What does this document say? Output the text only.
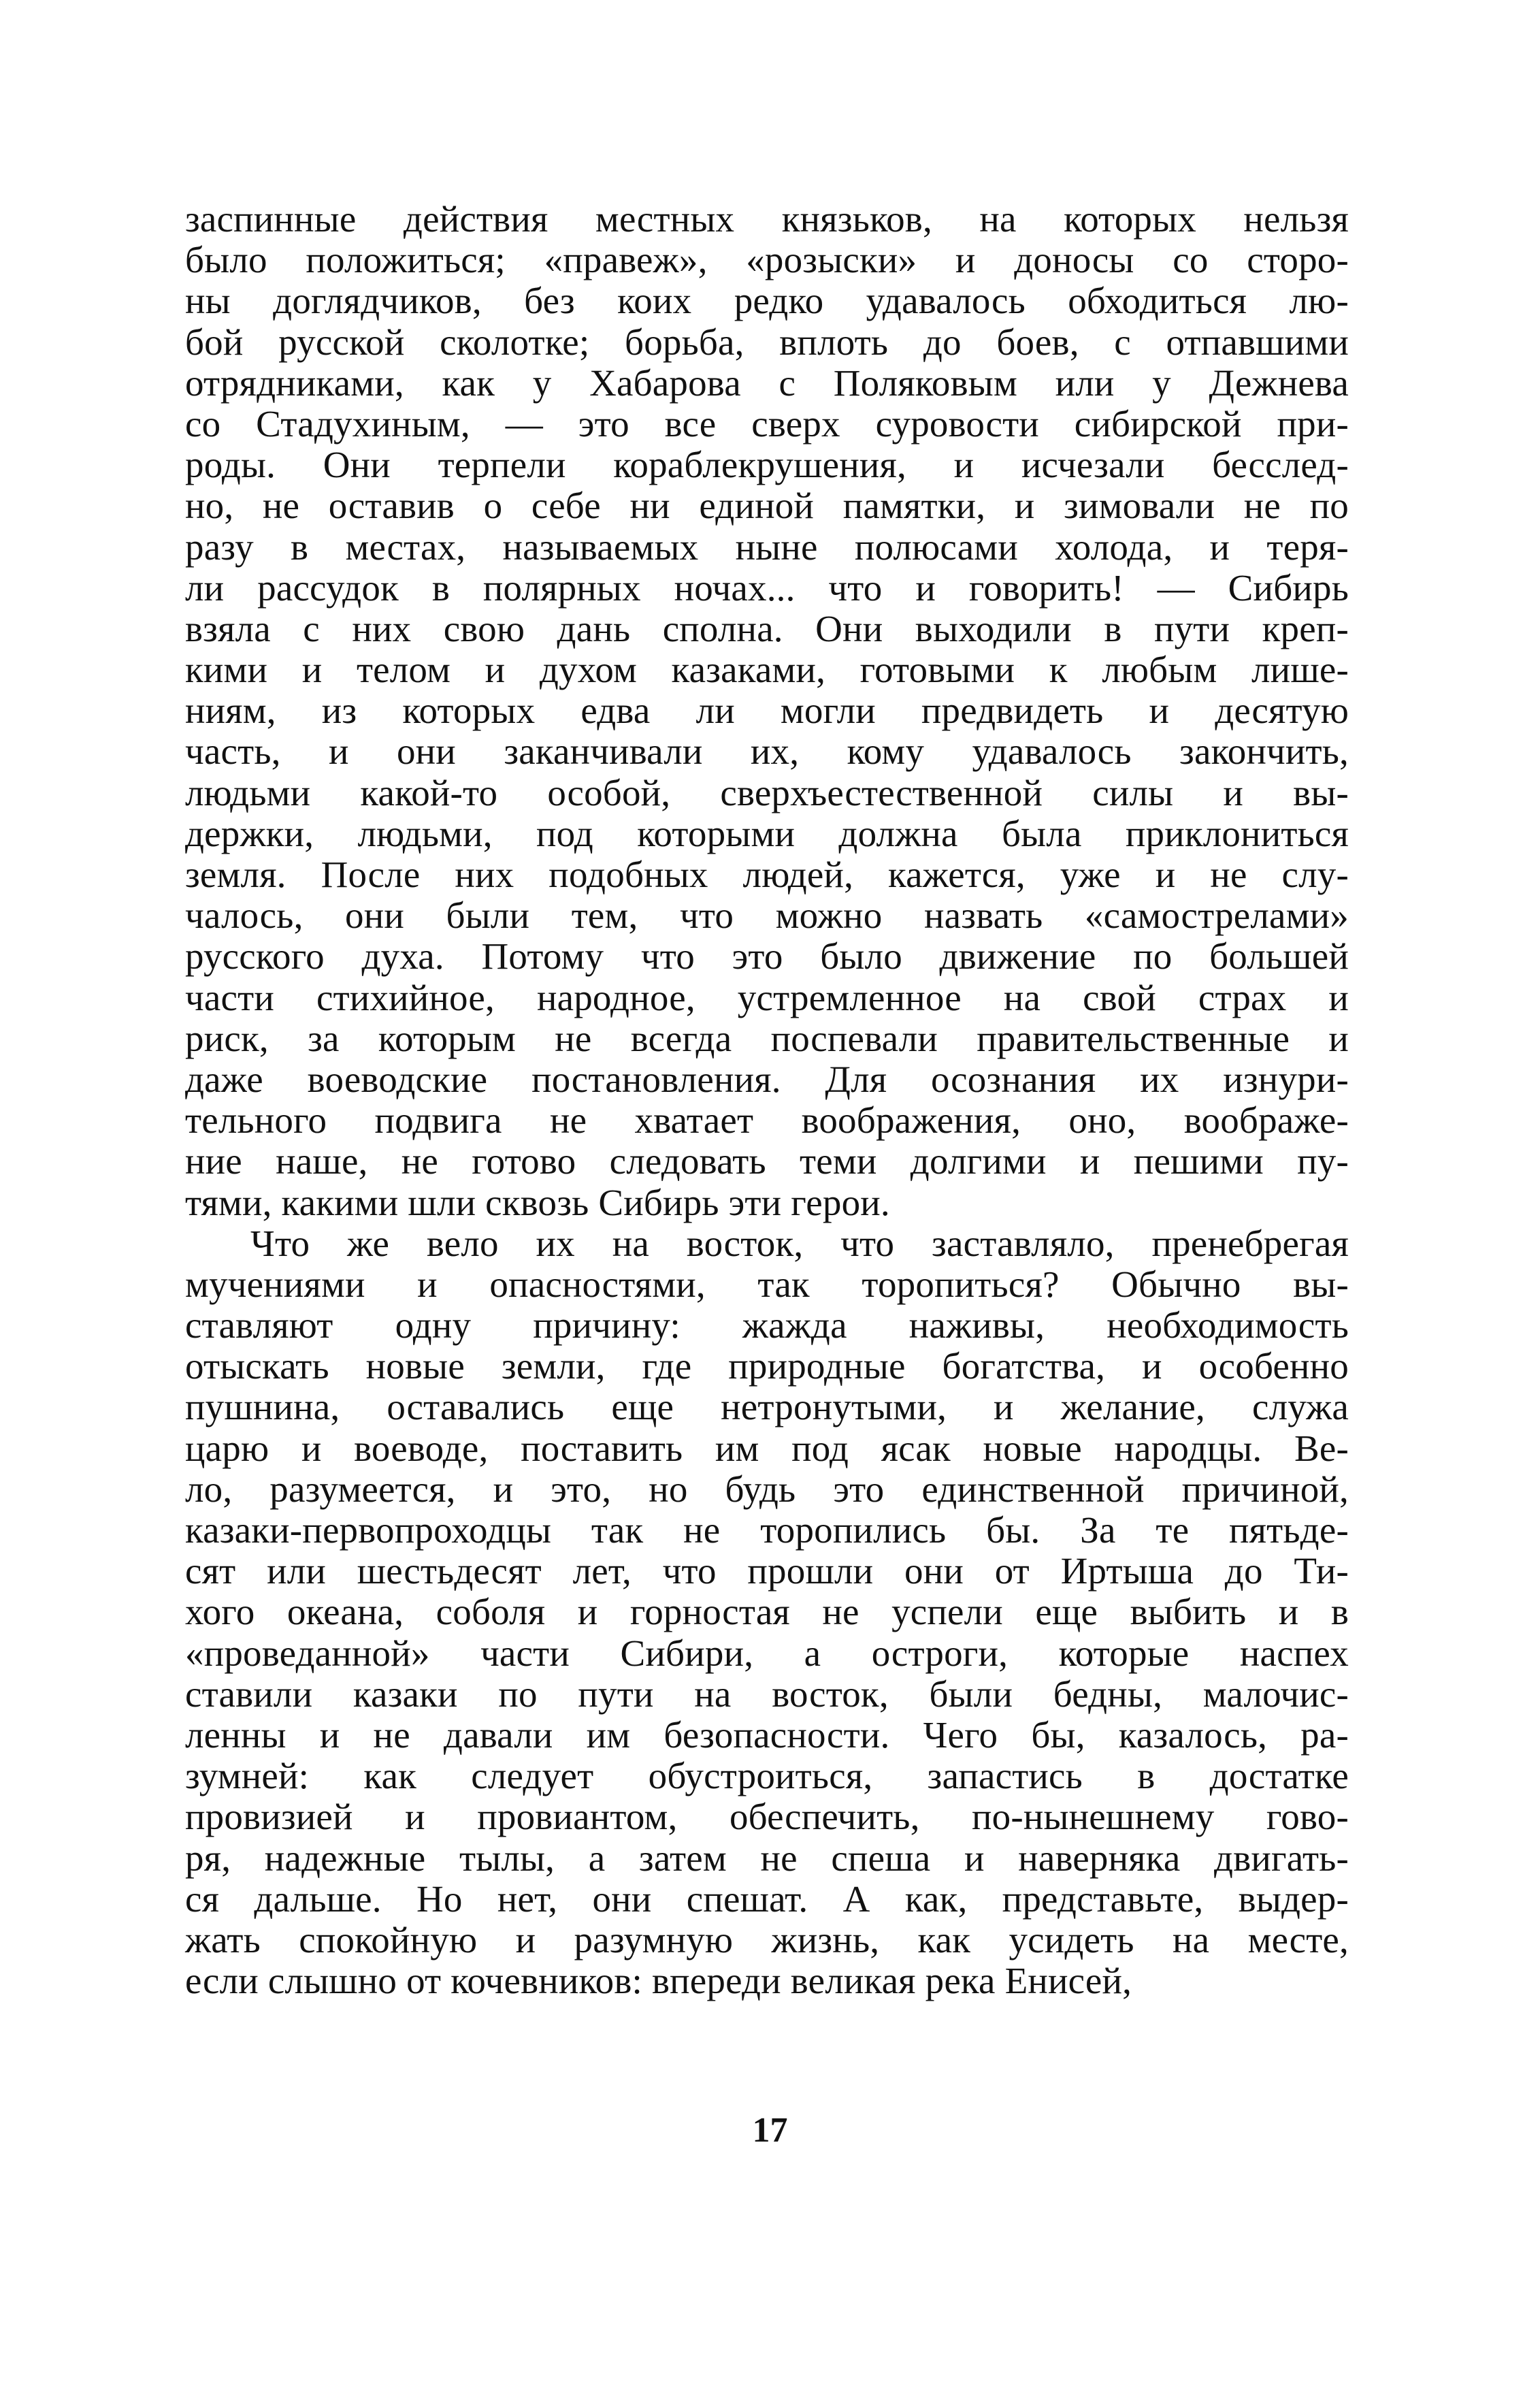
заспинные действия местных князьков, на которых нельзя
было положиться; «правеж», «розыски» и доносы со сторо-
ны доглядчиков, без коих редко удавалось обходиться лю-
бой русской сколотке; борьба, вплоть до боев, с отпавшими
отрядниками, как у Хабарова с Поляковым или у Дежнева
со Стадухиным, — это все сверх суровости сибирской при-
роды. Они терпели кораблекрушения, и исчезали бесслед-
но, не оставив о себе ни единой памятки, и зимовали не по
разу в местах, называемых ныне полюсами холода, и теря-
ли рассудок в полярных ночах... что и говорить! — Сибирь
взяла с них свою дань сполна. Они выходили в пути креп-
кими и телом и духом казаками, готовыми к любым лише-
ниям, из которых едва ли могли предвидеть и десятую
часть, и они заканчивали их, кому удавалось закончить,
людьми какой-то особой, сверхъестественной силы и вы-
держки, людьми, под которыми должна была приклониться
земля. После них подобных людей, кажется, уже и не слу-
чалось, они были тем, что можно назвать «самострелами»
русского духа. Потому что это было движение по большей
части стихийное, народное, устремленное на свой страх и
риск, за которым не всегда поспевали правительственные и
даже воеводские постановления. Для осознания их изнури-
тельного подвига не хватает воображения, оно, воображе-
ние наше, не готово следовать теми долгими и пешими пу-
тями, какими шли сквозь Сибирь эти герои.
Что же вело их на восток, что заставляло, пренебрегая
мучениями и опасностями, так торопиться? Обычно вы-
ставляют одну причину: жажда наживы, необходимость
отыскать новые земли, где природные богатства, и особенно
пушнина, оставались еще нетронутыми, и желание, служа
царю и воеводе, поставить им под ясак новые народцы. Ве-
ло, разумеется, и это, но будь это единственной причиной,
казаки-первопроходцы так не торопились бы. За те пятьде-
сят или шестьдесят лет, что прошли они от Иртыша до Ти-
хого океана, соболя и горностая не успели еще выбить и в
«проведанной» части Сибири, а остроги, которые наспех
ставили казаки по пути на восток, были бедны, малочис-
ленны и не давали им безопасности. Чего бы, казалось, ра-
зумней: как следует обустроиться, запастись в достатке
провизией и провиантом, обеспечить, по-нынешнему гово-
ря, надежные тылы, а затем не спеша и наверняка двигать-
ся дальше. Но нет, они спешат. А как, представьте, выдер-
жать спокойную и разумную жизнь, как усидеть на месте,
если слышно от кочевников: впереди великая река Енисей,
17
